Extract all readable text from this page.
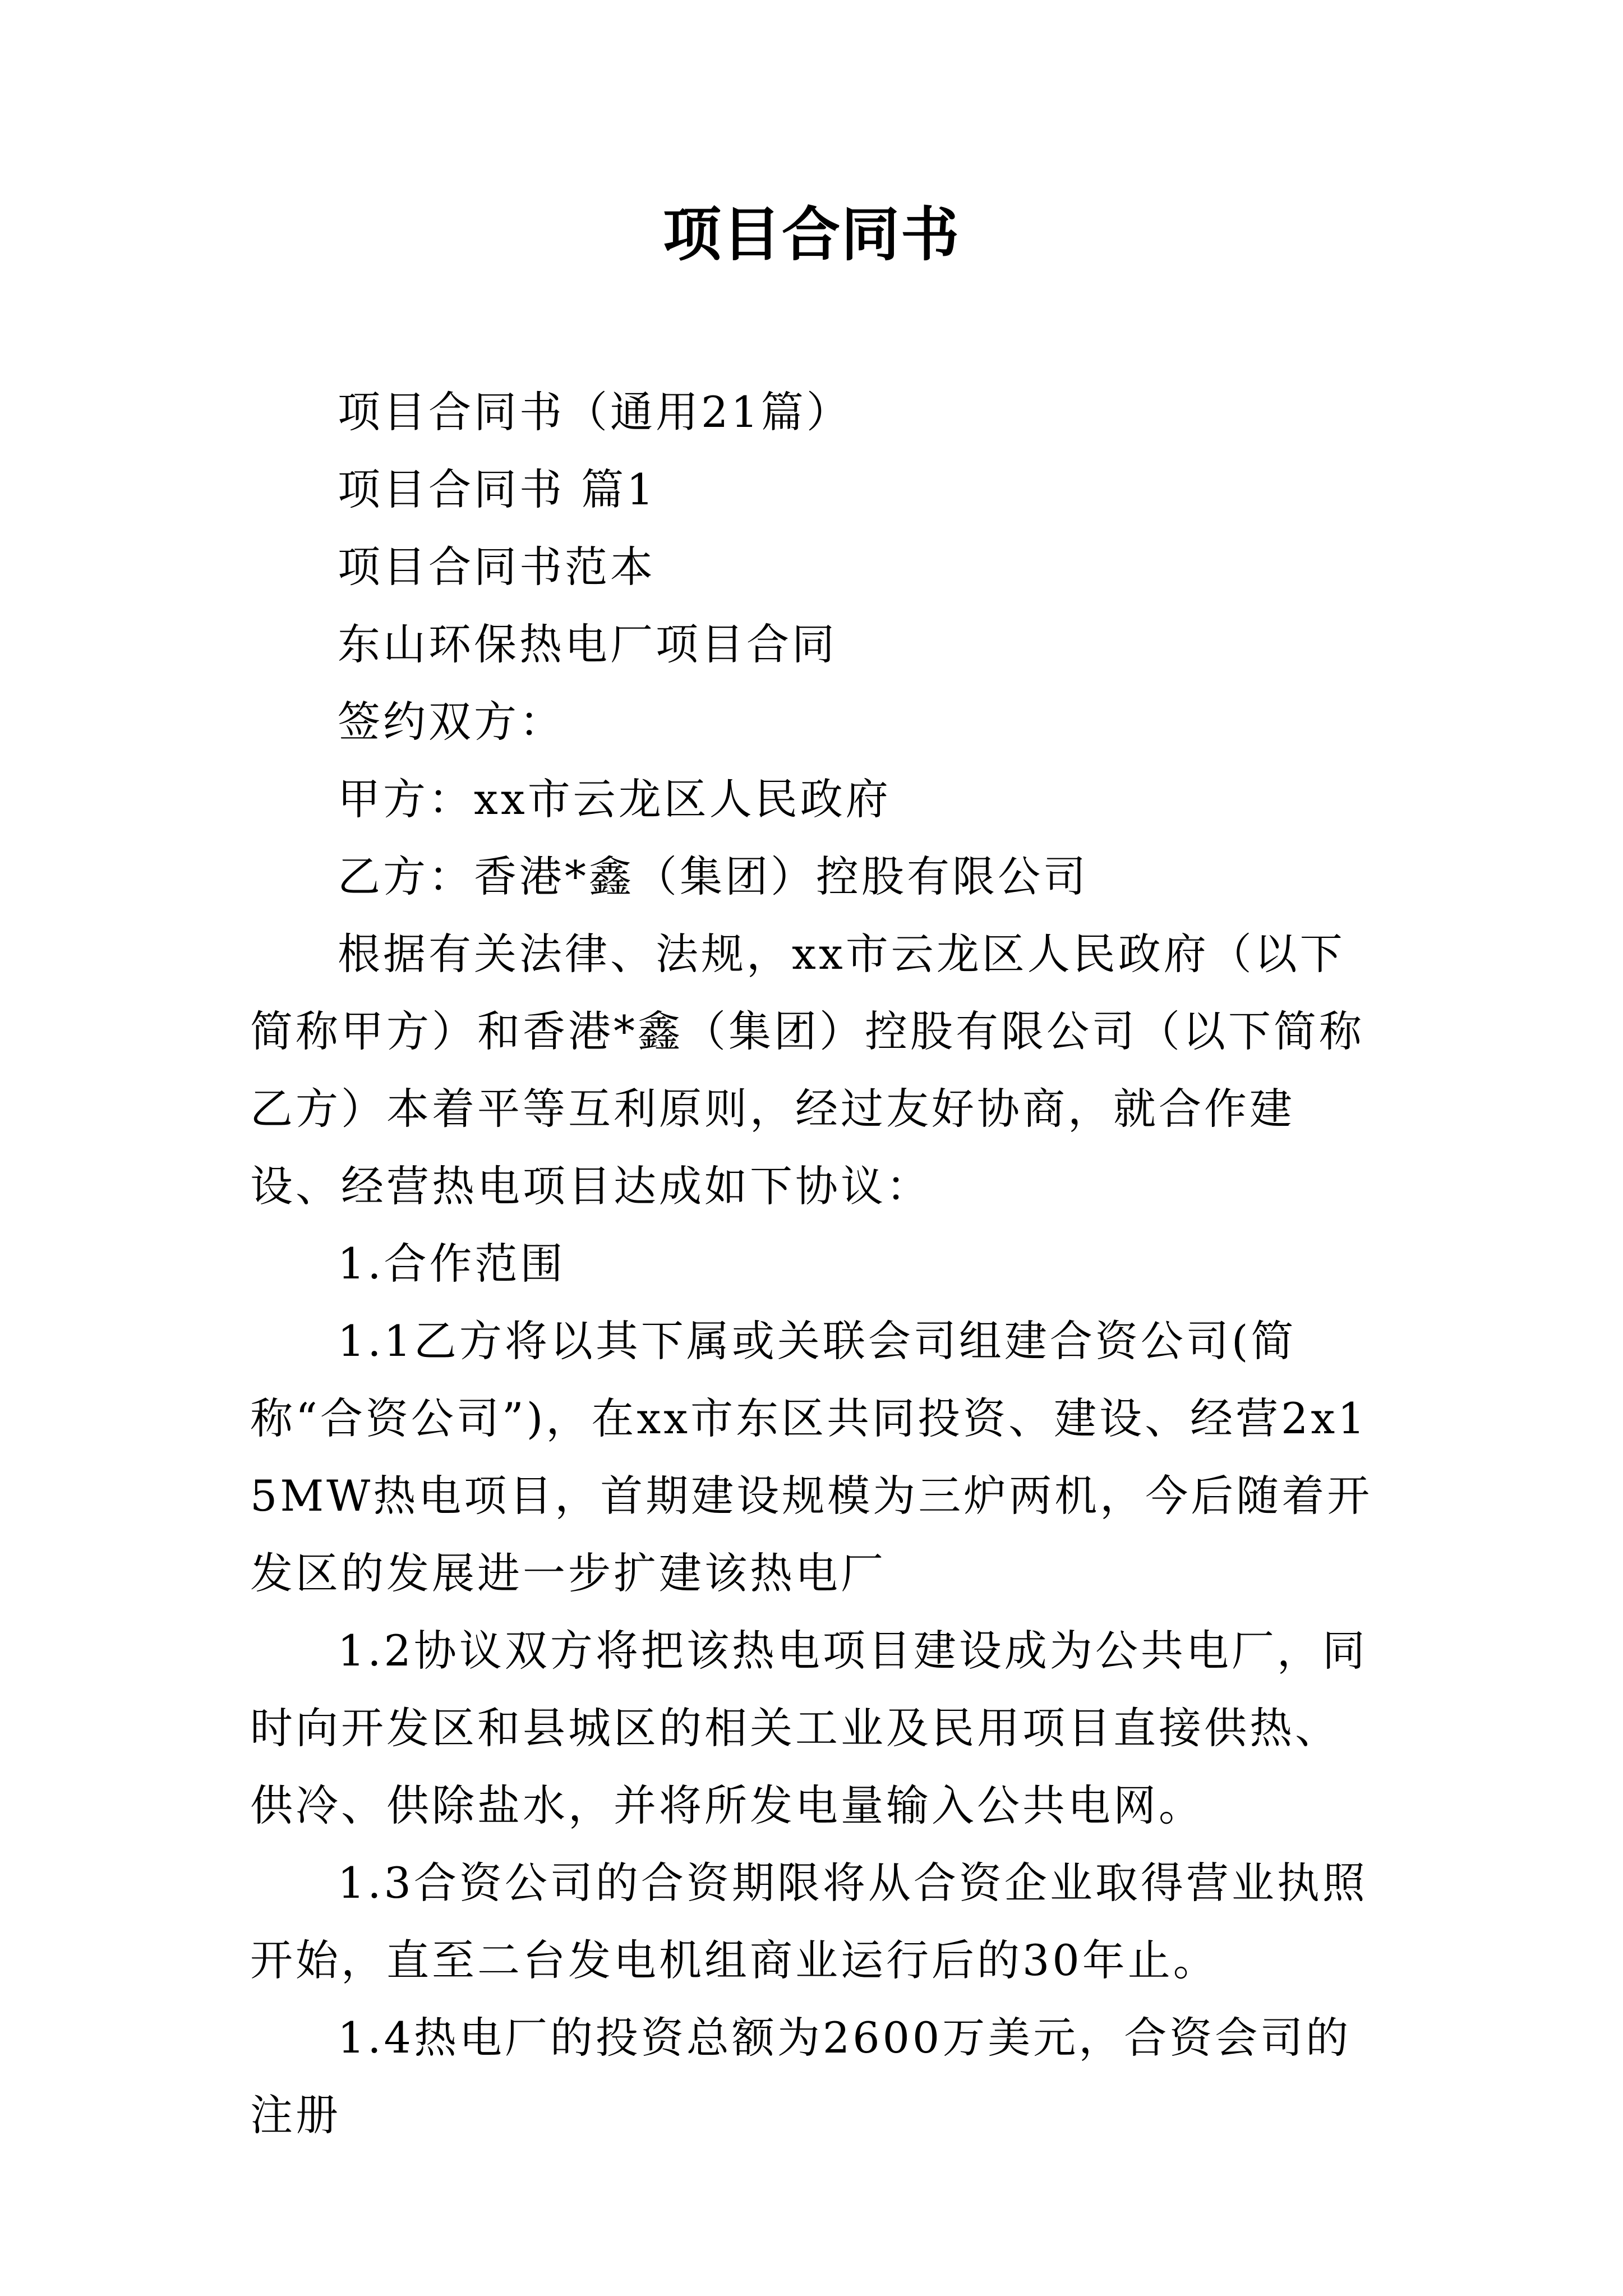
项目合同书

项目合同书（通用21篇）

项目合同书 篇1

项目合同书范本

东山环保热电厂项目合同

签约双方：

甲方：xx市云龙区人民政府

乙方：香港*鑫（集团）控股有限公司

根据有关法律、法规，xx市云龙区人民政府（以下简称甲方）和香港*鑫（集团）控股有限公司（以下简称乙方）本着平等互利原则，经过友好协商，就合作建设、经营热电项目达成如下协议：

1.合作范围

1.1乙方将以其下属或关联会司组建合资公司(简称“合资公司”)，在xx市东区共同投资、建设、经营2x15MW热电项目，首期建设规模为三炉两机，今后随着开发区的发展进一步扩建该热电厂

1.2协议双方将把该热电项目建设成为公共电厂，同时向开发区和县城区的相关工业及民用项目直接供热、供冷、供除盐水，并将所发电量输入公共电网。

1.3合资公司的合资期限将从合资企业取得营业执照开始，直至二台发电机组商业运行后的30年止。

1.4热电厂的投资总额为2600万美元，合资会司的注册
